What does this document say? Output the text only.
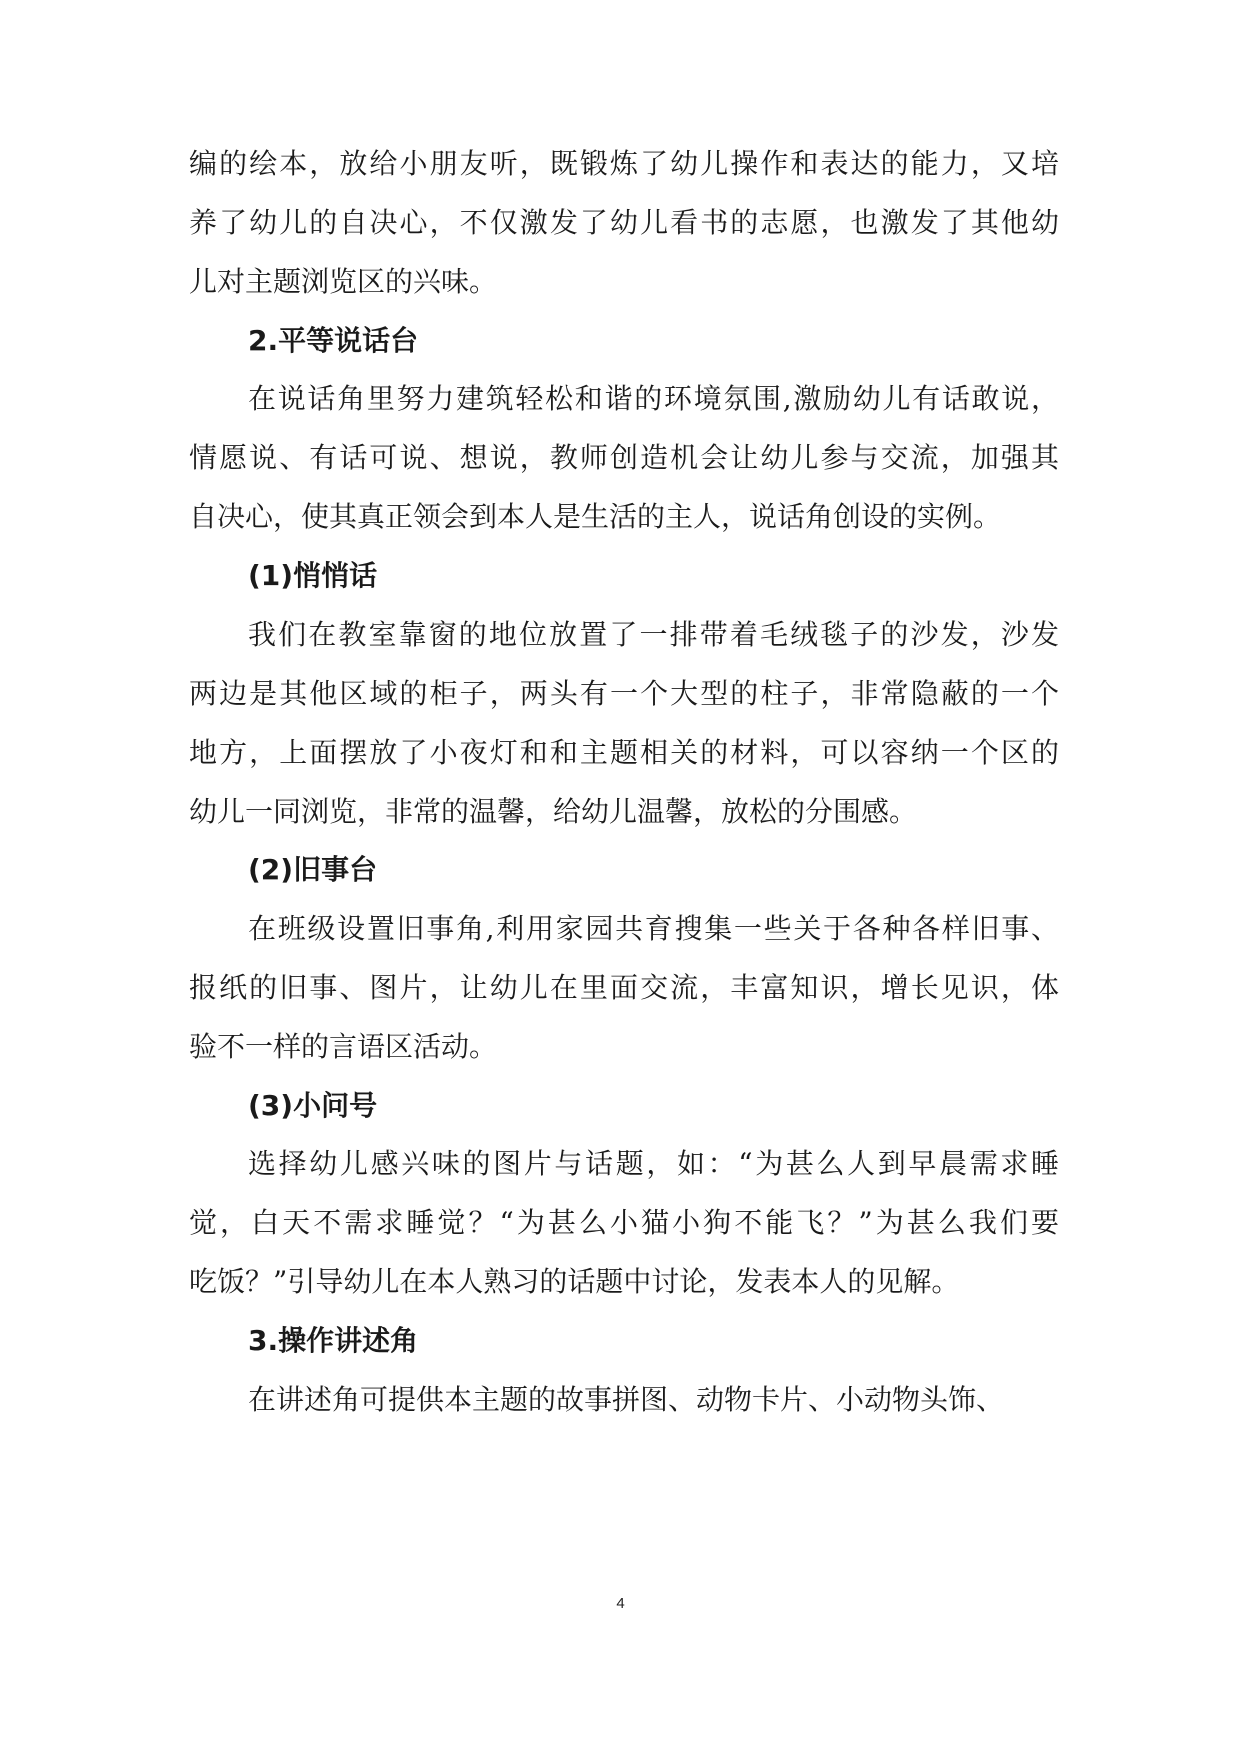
编的绘本，放给小朋友听，既锻炼了幼儿操作和表达的能力，又培
养了幼儿的自决心，不仅激发了幼儿看书的志愿，也激发了其他幼
儿对主题浏览区的兴味。
2.平等说话台
在说话角里努力建筑轻松和谐的环境氛围,激励幼儿有话敢说，
情愿说、有话可说、想说，教师创造机会让幼儿参与交流，加强其
自决心，使其真正领会到本人是生活的主人，说话角创设的实例。
(1)悄悄话
我们在教室靠窗的地位放置了一排带着毛绒毯子的沙发，沙发
两边是其他区域的柜子，两头有一个大型的柱子，非常隐蔽的一个
地方，上面摆放了小夜灯和和主题相关的材料，可以容纳一个区的
幼儿一同浏览，非常的温馨，给幼儿温馨，放松的分围感。
(2)旧事台
在班级设置旧事角,利用家园共育搜集一些关于各种各样旧事、
报纸的旧事、图片，让幼儿在里面交流，丰富知识，增长见识，体
验不一样的言语区活动。
(3)小问号
选择幼儿感兴味的图片与话题，如：“为甚么人到早晨需求睡
觉，白天不需求睡觉？“为甚么小猫小狗不能飞？”为甚么我们要
吃饭？”引导幼儿在本人熟习的话题中讨论，发表本人的见解。
3.操作讲述角
在讲述角可提供本主题的故事拼图、动物卡片、小动物头饰、
4
